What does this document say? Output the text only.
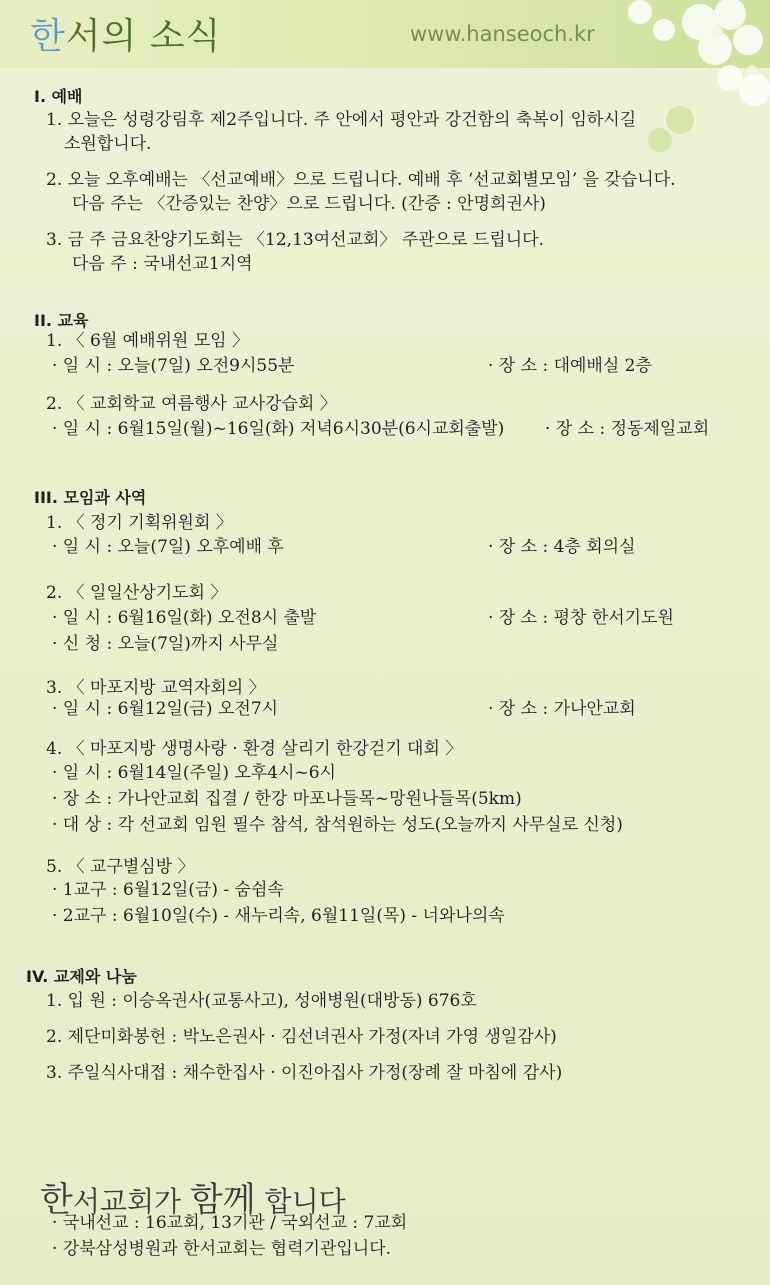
한서의 소식	www.hanseoch.kr
I. 예배
1. 오늘은 성령강림후 제2주입니다. 주 안에서 평안과 강건함의 축복이 임하시길
소원합니다.
2. 오늘 오후예배는 〈선교예배〉으로 드립니다. 예배 후 ‘선교회별모임’ 을 갖습니다.
다음 주는 〈간증있는 찬양〉으로 드립니다. (간증 : 안명희권사)
3. 금 주 금요찬양기도회는 〈12,13여선교회〉 주관으로 드립니다.
다음 주 : 국내선교1지역
II. 교육
1. 〈 6월 예배위원 모임 〉
· 일 시 : 오늘(7일) 오전9시55분	· 장 소 : 대예배실 2층
2. 〈 교회학교 여름행사 교사강습회 〉
· 일 시 : 6월15일(월)~16일(화) 저녁6시30분(6시교회출발) · 장 소 : 정동제일교회
III. 모임과 사역
1. 〈 정기 기획위원회 〉
· 일 시 : 오늘(7일) 오후예배 후	· 장 소 : 4층 회의실
2. 〈 일일산상기도회 〉
· 일 시 : 6월16일(화) 오전8시 출발	· 장 소 : 평창 한서기도원
· 신 청 : 오늘(7일)까지 사무실
3. 〈 마포지방 교역자회의 〉
· 일 시 : 6월12일(금) 오전7시	· 장 소 : 가나안교회
4. 〈 마포지방 생명사랑 · 환경 살리기 한강걷기 대회 〉
· 일 시 : 6월14일(주일) 오후4시~6시
· 장 소 : 가나안교회 집결 / 한강 마포나들목~망원나들목(5km)
· 대 상 : 각 선교회 임원 필수 참석, 참석원하는 성도(오늘까지 사무실로 신청)
5. 〈 교구별심방 〉
· 1교구 : 6월12일(금) - 숨쉼속
· 2교구 : 6월10일(수) - 새누리속, 6월11일(목) - 너와나의속
IV. 교제와 나눔
1. 입 원 : 이승옥권사(교통사고), 성애병원(대방동) 676호
2. 제단미화봉헌 : 박노은권사 · 김선녀권사 가정(자녀 가영 생일감사)
3. 주일식사대접 : 채수한집사 · 이진아집사 가정(장례 잘 마침에 감사)
한서교회가 함께 합니다
· 국내선교 : 16교회, 13기관 / 국외선교 : 7교회
· 강북삼성병원과 한서교회는 협력기관입니다.
